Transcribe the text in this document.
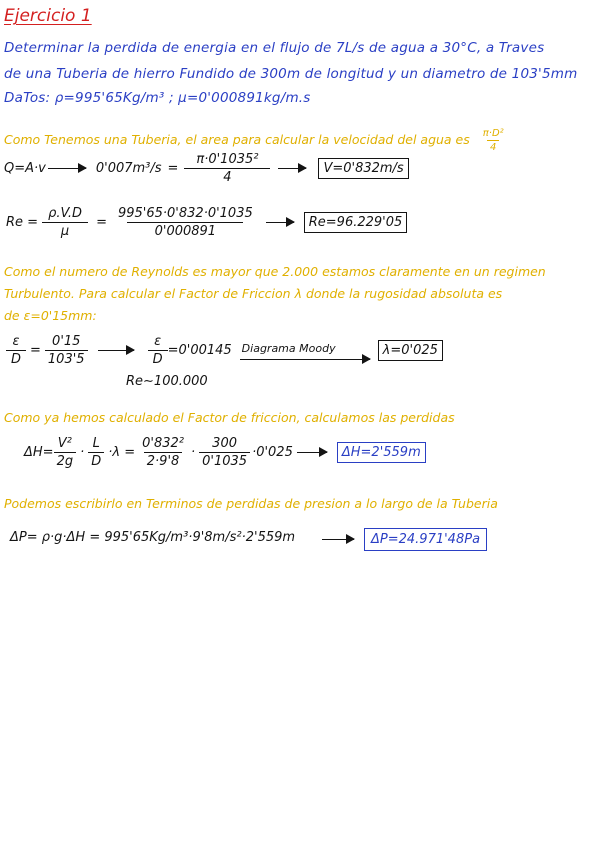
Ejercicio 1
Determinar la perdida de energia en el flujo de 7L/s de agua a 30°C, a Traves
de una Tuberia de hierro Fundido de 300m de longitud y un diametro de 103'5mm
DaTos: ρ=995'65Kg/m³ ; μ=0'000891kg/m.s
Como Tenemos una Tuberia, el area para calcular la velocidad del agua es $\frac{\text{π·D²}}{4}$
Q=A·v	$0'007m^3/s = \frac{\text{π·0'1035²}}{4}$	V=0'832m/s
$Re = \frac{\rho.V.D}{\mu} = \frac{995'65\cdot 0'832\cdot 0'1035}{0'000891}$	Re=96.229'05
Como el numero de Reynolds es mayor que 2.000 estamos claramente en un regimen
Turbulento. Para calcular el Factor de Friccion λ donde la rugosidad absoluta es
de ε=0'15mm:
$\frac{\varepsilon}{D} = \frac{0'15}{103'5}$	$\frac{\varepsilon}{D} =0'00145$ Diagrama Moody	λ=0'025
Re∼100.000
Como ya hemos calculado el Factor de friccion, calculamos las perdidas
$\Delta H= \frac{\text{V²}}{2g} \cdot \frac{L}{D} \cdot\lambda = \frac{\text{0'832²}}{2\cdot 9'8} \cdot \frac{300}{0'1035} \cdot 0'025$	ΔH=2'559m
Podemos escribirlo en Terminos de perdidas de presion a lo largo de la Tuberia
ΔP= ρ·g·ΔH = 995'65Kg/m³·9'8m/s²·2'559m	ΔP=24.971'48Pa
